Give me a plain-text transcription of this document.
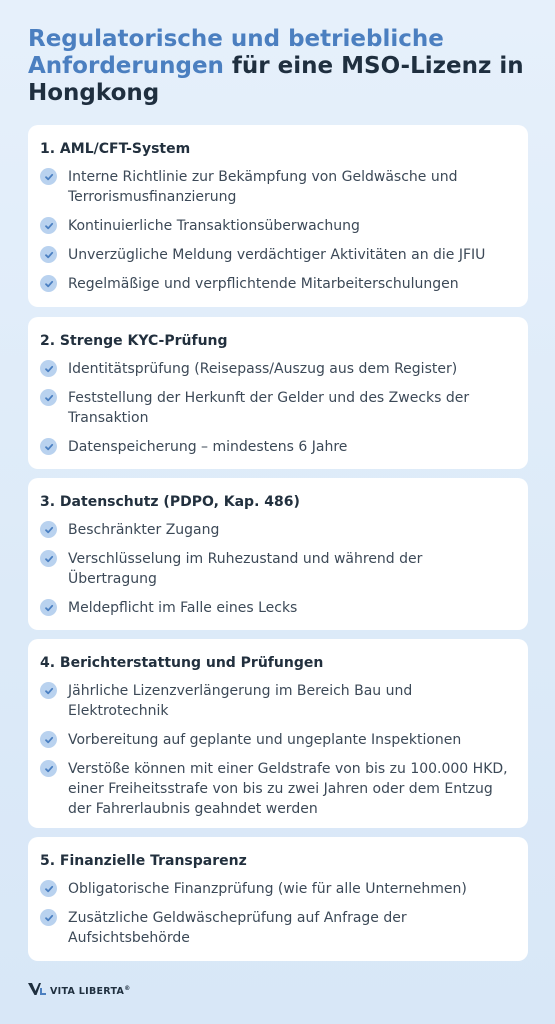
Regulatorische und betriebliche Anforderungen für eine MSO-Lizenz in Hongkong
1. AML/CFT-System
Interne Richtlinie zur Bekämpfung von Geldwäsche und Terrorismusfinanzierung
Kontinuierliche Transaktionsüberwachung
Unverzügliche Meldung verdächtiger Aktivitäten an die JFIU
Regelmäßige und verpflichtende Mitarbeiterschulungen
2. Strenge KYC-Prüfung
Identitätsprüfung (Reisepass/Auszug aus dem Register)
Feststellung der Herkunft der Gelder und des Zwecks der Transaktion
Datenspeicherung – mindestens 6 Jahre
3. Datenschutz (PDPO, Kap. 486)
Beschränkter Zugang
Verschlüsselung im Ruhezustand und während der Übertragung
Meldepflicht im Falle eines Lecks
4. Berichterstattung und Prüfungen
Jährliche Lizenzverlängerung im Bereich Bau und Elektrotechnik
Vorbereitung auf geplante und ungeplante Inspektionen
Verstöße können mit einer Geldstrafe von bis zu 100.000 HKD, einer Freiheitsstrafe von bis zu zwei Jahren oder dem Entzug der Fahrerlaubnis geahndet werden
5. Finanzielle Transparenz
Obligatorische Finanzprüfung (wie für alle Unternehmen)
Zusätzliche Geldwäscheprüfung auf Anfrage der Aufsichtsbehörde
VITA LIBERTA®
